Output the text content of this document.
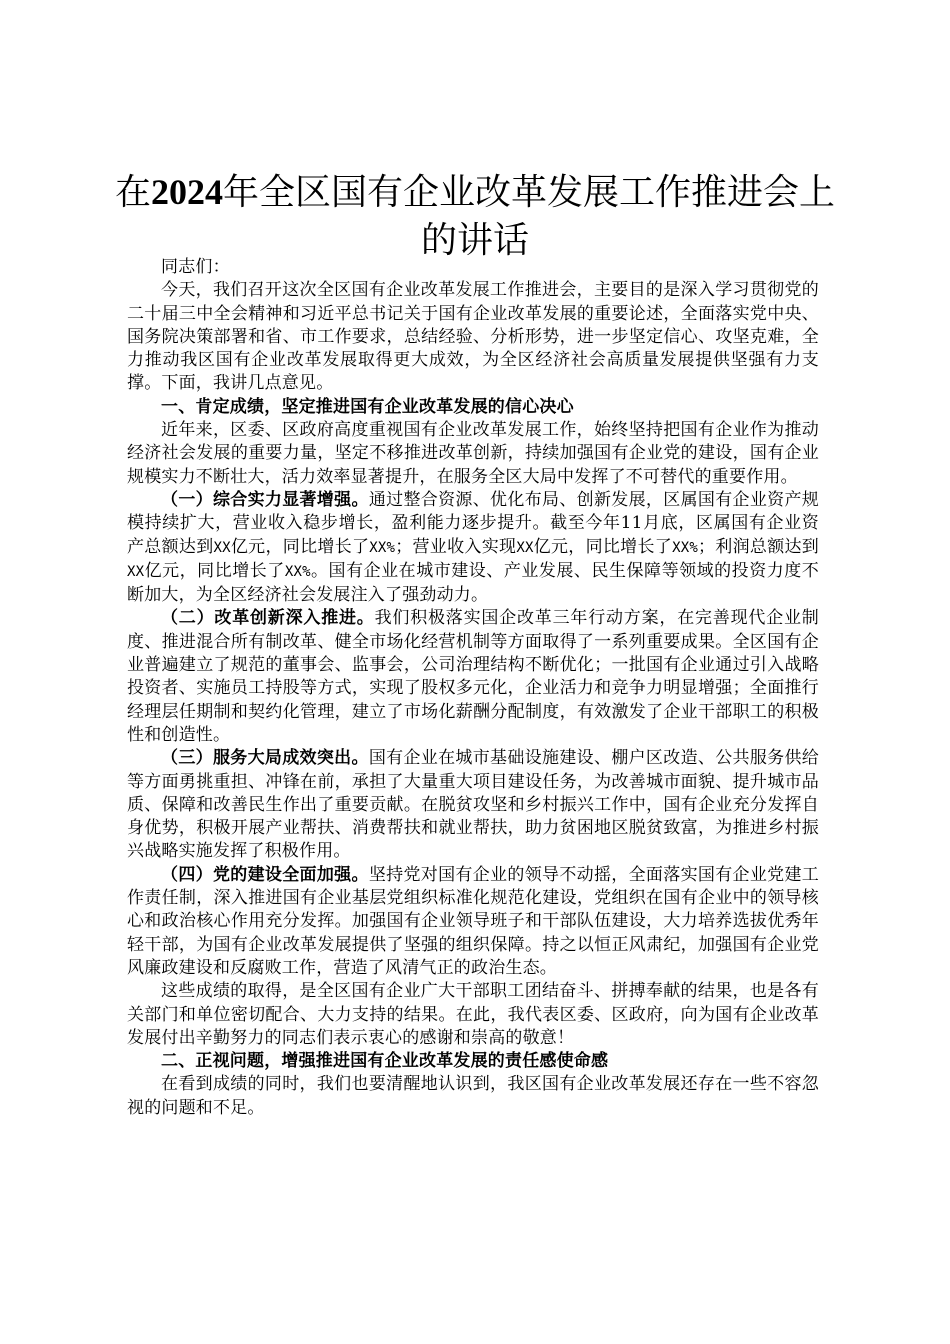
在2024年全区国有企业改革发展工作推进会上的讲话

同志们：

今天，我们召开这次全区国有企业改革发展工作推进会，主要目的是深入学习贯彻党的二十届三中全会精神和习近平总书记关于国有企业改革发展的重要论述，全面落实党中央、国务院决策部署和省、市工作要求，总结经验、分析形势，进一步坚定信心、攻坚克难，全力推动我区国有企业改革发展取得更大成效，为全区经济社会高质量发展提供坚强有力支撑。下面，我讲几点意见。

一、肯定成绩，坚定推进国有企业改革发展的信心决心

近年来，区委、区政府高度重视国有企业改革发展工作，始终坚持把国有企业作为推动经济社会发展的重要力量，坚定不移推进改革创新，持续加强国有企业党的建设，国有企业规模实力不断壮大，活力效率显著提升，在服务全区大局中发挥了不可替代的重要作用。

（一）综合实力显著增强。通过整合资源、优化布局、创新发展，区属国有企业资产规模持续扩大，营业收入稳步增长，盈利能力逐步提升。截至今年11月底，区属国有企业资产总额达到XX亿元，同比增长了XX%；营业收入实现XX亿元，同比增长了XX%；利润总额达到XX亿元，同比增长了XX%。国有企业在城市建设、产业发展、民生保障等领域的投资力度不断加大，为全区经济社会发展注入了强劲动力。

（二）改革创新深入推进。我们积极落实国企改革三年行动方案，在完善现代企业制度、推进混合所有制改革、健全市场化经营机制等方面取得了一系列重要成果。全区国有企业普遍建立了规范的董事会、监事会，公司治理结构不断优化；一批国有企业通过引入战略投资者、实施员工持股等方式，实现了股权多元化，企业活力和竞争力明显增强；全面推行经理层任期制和契约化管理，建立了市场化薪酬分配制度，有效激发了企业干部职工的积极性和创造性。

（三）服务大局成效突出。国有企业在城市基础设施建设、棚户区改造、公共服务供给等方面勇挑重担、冲锋在前，承担了大量重大项目建设任务，为改善城市面貌、提升城市品质、保障和改善民生作出了重要贡献。在脱贫攻坚和乡村振兴工作中，国有企业充分发挥自身优势，积极开展产业帮扶、消费帮扶和就业帮扶，助力贫困地区脱贫致富，为推进乡村振兴战略实施发挥了积极作用。

（四）党的建设全面加强。坚持党对国有企业的领导不动摇，全面落实国有企业党建工作责任制，深入推进国有企业基层党组织标准化规范化建设，党组织在国有企业中的领导核心和政治核心作用充分发挥。加强国有企业领导班子和干部队伍建设，大力培养选拔优秀年轻干部，为国有企业改革发展提供了坚强的组织保障。持之以恒正风肃纪，加强国有企业党风廉政建设和反腐败工作，营造了风清气正的政治生态。

这些成绩的取得，是全区国有企业广大干部职工团结奋斗、拼搏奉献的结果，也是各有关部门和单位密切配合、大力支持的结果。在此，我代表区委、区政府，向为国有企业改革发展付出辛勤努力的同志们表示衷心的感谢和崇高的敬意！

二、正视问题，增强推进国有企业改革发展的责任感使命感

在看到成绩的同时，我们也要清醒地认识到，我区国有企业改革发展还存在一些不容忽视的问题和不足。
